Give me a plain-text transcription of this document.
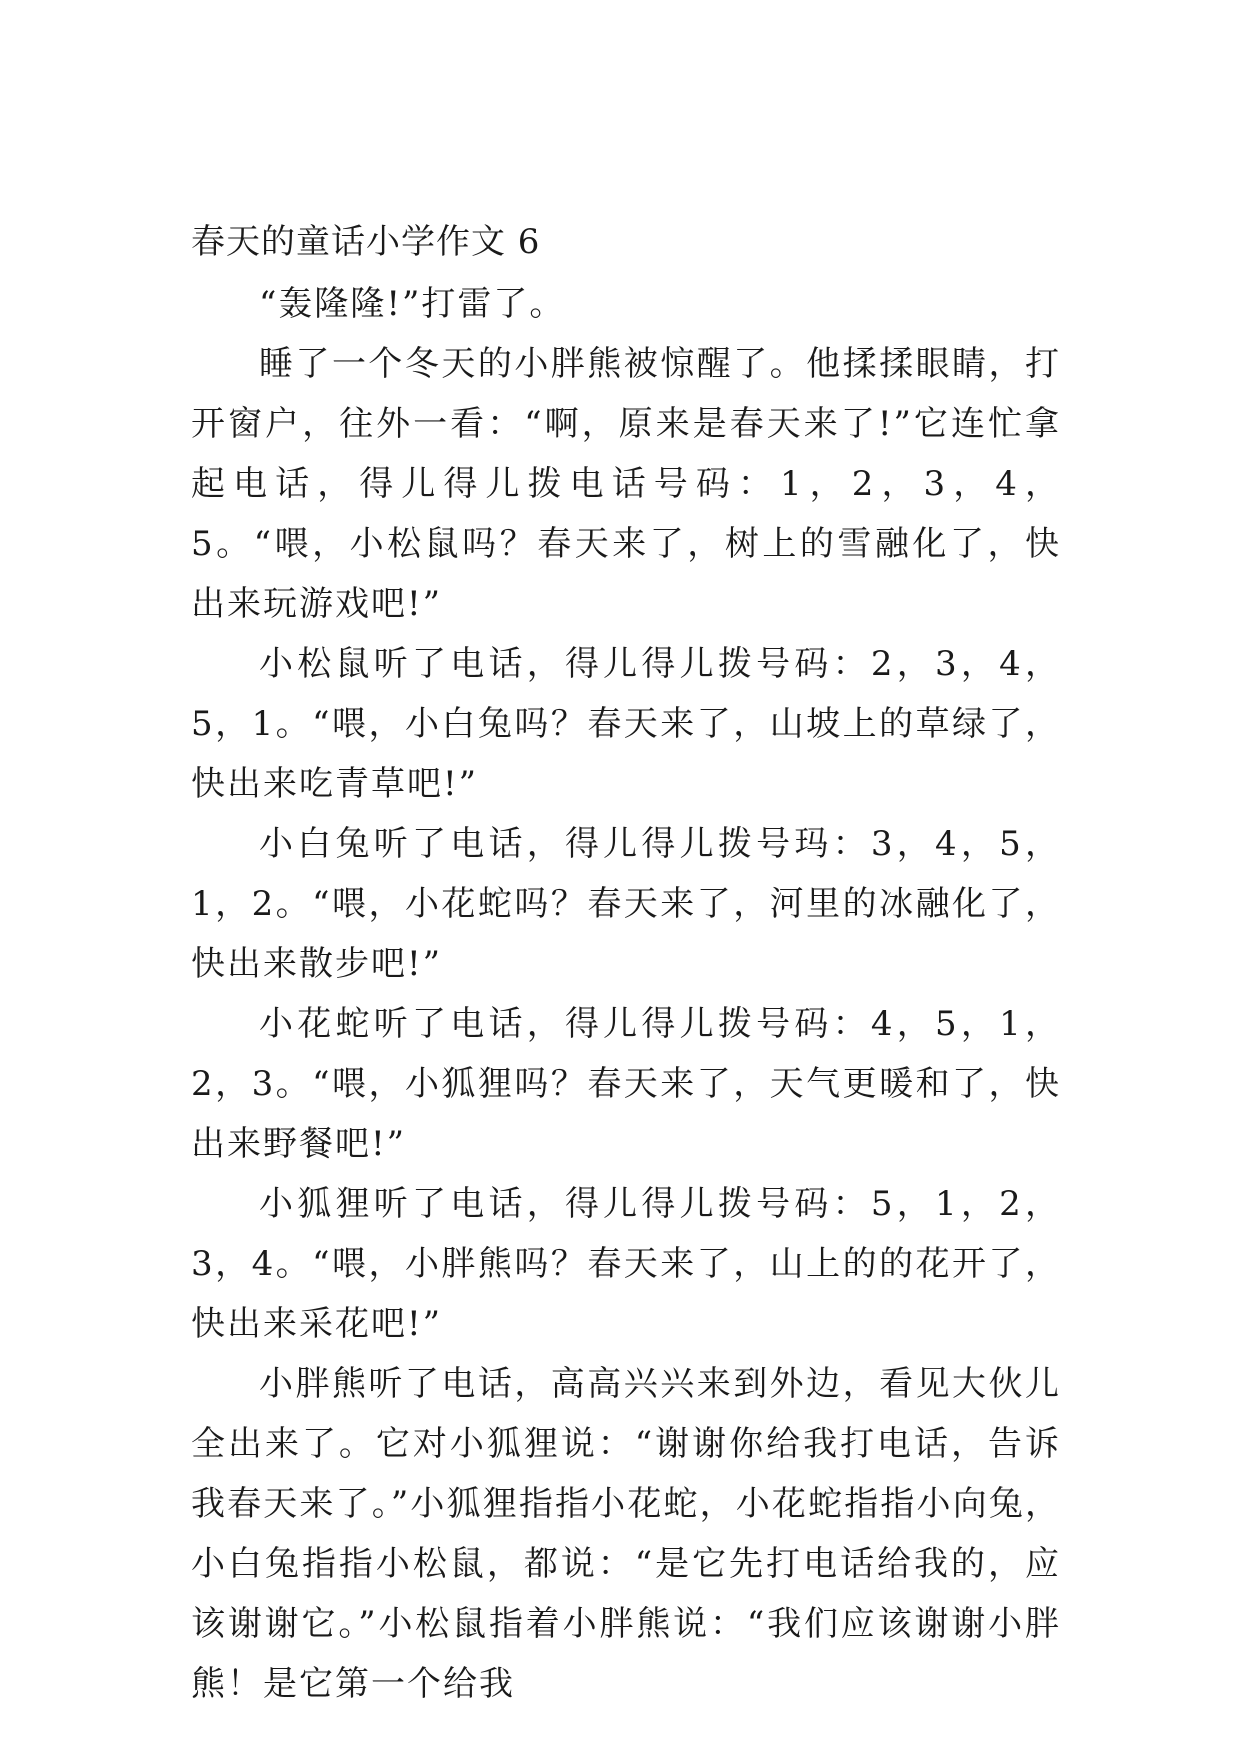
春天的童话小学作文 6

“轰隆隆!”打雷了。

睡了一个冬天的小胖熊被惊醒了。他揉揉眼睛，打开窗户，往外一看：“啊，原来是春天来了!”它连忙拿起电话，得儿得儿拨电话号码：1，2，3，4，5。“喂，小松鼠吗？春天来了，树上的雪融化了，快出来玩游戏吧!”

小松鼠听了电话，得儿得儿拨号码：2，3，4，5，1。“喂，小白兔吗？春天来了，山坡上的草绿了，快出来吃青草吧!”

小白兔听了电话，得儿得儿拨号玛：3，4，5，1，2。“喂，小花蛇吗？春天来了，河里的冰融化了，快出来散步吧!”

小花蛇听了电话，得儿得儿拨号码：4，5，1，2，3。“喂，小狐狸吗？春天来了，天气更暖和了，快出来野餐吧!”

小狐狸听了电话，得儿得儿拨号码：5，1，2，3，4。“喂，小胖熊吗？春天来了，山上的的花开了，快出来采花吧!”

小胖熊听了电话，高高兴兴来到外边，看见大伙儿全出来了。它对小狐狸说：“谢谢你给我打电话，告诉我春天来了。”小狐狸指指小花蛇，小花蛇指指小向兔，小白兔指指小松鼠，都说：“是它先打电话给我的，应该谢谢它。”小松鼠指着小胖熊说：“我们应该谢谢小胖熊！是它第一个给我
